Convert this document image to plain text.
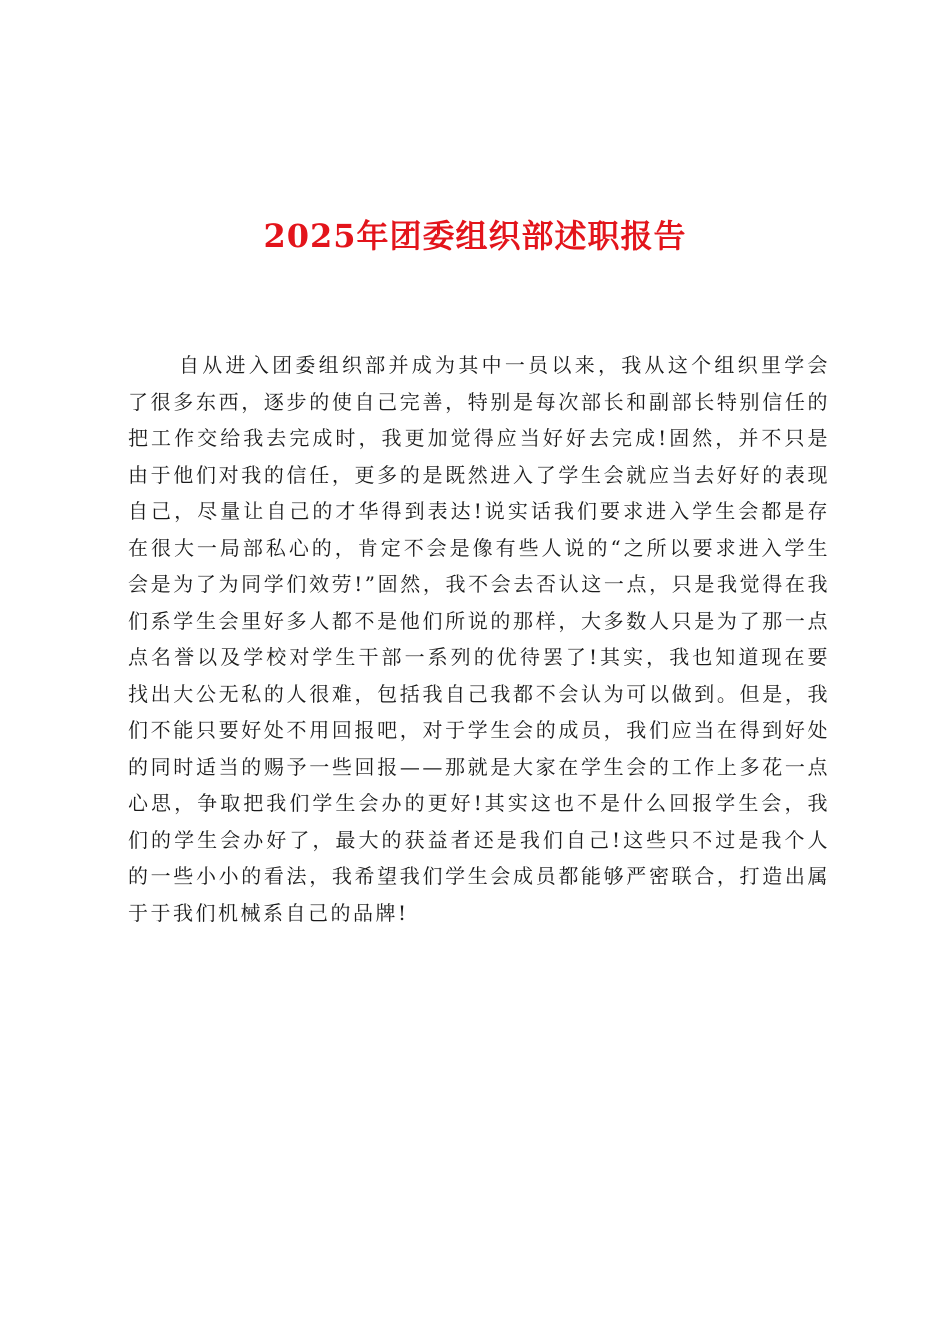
2025年团委组织部述职报告

自从进入团委组织部并成为其中一员以来，我从这个组织里学会了很多东西，逐步的使自己完善，特别是每次部长和副部长特别信任的把工作交给我去完成时，我更加觉得应当好好去完成!固然，并不只是由于他们对我的信任，更多的是既然进入了学生会就应当去好好的表现自己，尽量让自己的才华得到表达!说实话我们要求进入学生会都是存在很大一局部私心的，肯定不会是像有些人说的“之所以要求进入学生会是为了为同学们效劳!”固然，我不会去否认这一点，只是我觉得在我们系学生会里好多人都不是他们所说的那样，大多数人只是为了那一点点名誉以及学校对学生干部一系列的优待罢了!其实，我也知道现在要找出大公无私的人很难，包括我自己我都不会认为可以做到。但是，我们不能只要好处不用回报吧，对于学生会的成员，我们应当在得到好处的同时适当的赐予一些回报——那就是大家在学生会的工作上多花一点心思，争取把我们学生会办的更好!其实这也不是什么回报学生会，我们的学生会办好了，最大的获益者还是我们自己!这些只不过是我个人的一些小小的看法，我希望我们学生会成员都能够严密联合，打造出属于于我们机械系自己的品牌!
